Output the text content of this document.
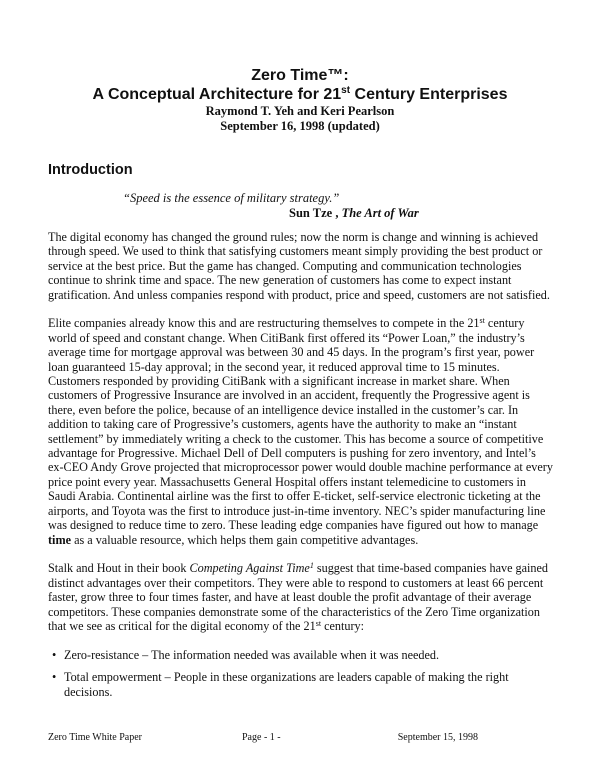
Zero Time™:
A Conceptual Architecture for 21st Century Enterprises
Raymond T. Yeh and Keri Pearlson
September 16, 1998 (updated)
Introduction
“Speed is the essence of military strategy.”
Sun Tze , The Art of War

The digital economy has changed the ground rules; now the norm is change and winning is achieved through speed. We used to think that satisfying customers meant simply providing the best product or service at the best price. But the game has changed. Computing and communication technologies continue to shrink time and space. The new generation of customers has come to expect instant gratification. And unless companies respond with product, price and speed, customers are not satisfied.

Elite companies already know this and are restructuring themselves to compete in the 21st century world of speed and constant change. When CitiBank first offered its “Power Loan,” the industry’s average time for mortgage approval was between 30 and 45 days. In the program’s first year, power loan guaranteed 15-day approval; in the second year, it reduced approval time to 15 minutes. Customers responded by providing CitiBank with a significant increase in market share. When customers of Progressive Insurance are involved in an accident, frequently the Progressive agent is there, even before the police, because of an intelligence device installed in the customer’s car. In addition to taking care of Progressive’s customers, agents have the authority to make an “instant settlement” by immediately writing a check to the customer. This has become a source of competitive advantage for Progressive. Michael Dell of Dell computers is pushing for zero inventory, and Intel’s ex-CEO Andy Grove projected that microprocessor power would double machine performance at every price point every year. Massachusetts General Hospital offers instant telemedicine to customers in Saudi Arabia. Continental airline was the first to offer E-ticket, self-service electronic ticketing at the airports, and Toyota was the first to introduce just-in-time inventory. NEC’s spider manufacturing line was designed to reduce time to zero. These leading edge companies have figured out how to manage time as a valuable resource, which helps them gain competitive advantages.

Stalk and Hout in their book Competing Against Time$^1$ suggest that time-based companies have gained distinct advantages over their competitors. They were able to respond to customers at least 66 percent faster, grow three to four times faster, and have at least double the profit advantage of their average competitors. These companies demonstrate some of the characteristics of the Zero Time organization that we see as critical for the digital economy of the 21st century:

• Zero-resistance – The information needed was available when it was needed.
• Total empowerment – People in these organizations are leaders capable of making the right decisions.
Zero Time White Paper	Page - 1 -	September 15, 1998
